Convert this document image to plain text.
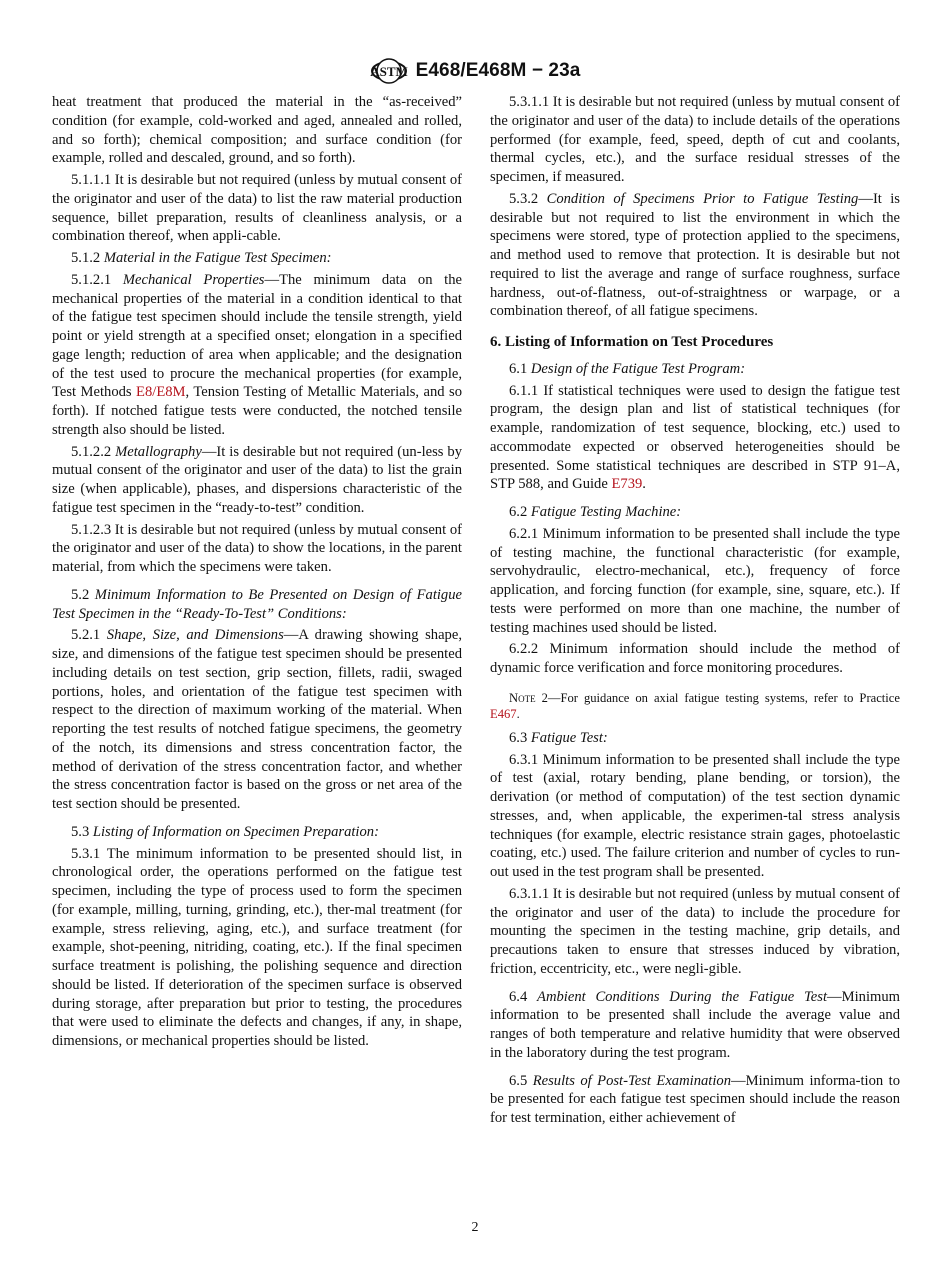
ASTM E468/E468M − 23a

heat treatment that produced the material in the “as-received” condition (for example, cold-worked and aged, annealed and rolled, and so forth); chemical composition; and surface condition (for example, rolled and descaled, ground, and so forth).

5.1.1.1 It is desirable but not required (unless by mutual consent of the originator and user of the data) to list the raw material production sequence, billet preparation, results of cleanliness analysis, or a combination thereof, when appli-cable.

5.1.2 Material in the Fatigue Test Specimen:

5.1.2.1 Mechanical Properties—The minimum data on the mechanical properties of the material in a condition identical to that of the fatigue test specimen should include the tensile strength, yield point or yield strength at a specified onset; elongation in a specified gage length; reduction of area when applicable; and the designation of the test used to procure the mechanical properties (for example, Test Methods E8/E8M, Tension Testing of Metallic Materials, and so forth). If notched fatigue tests were conducted, the notched tensile strength also should be listed.

5.1.2.2 Metallography—It is desirable but not required (un-less by mutual consent of the originator and user of the data) to list the grain size (when applicable), phases, and dispersions characteristic of the fatigue test specimen in the “ready-to-test” condition.

5.1.2.3 It is desirable but not required (unless by mutual consent of the originator and user of the data) to show the locations, in the parent material, from which the specimens were taken.

5.2 Minimum Information to Be Presented on Design of Fatigue Test Specimen in the “Ready-To-Test” Conditions:

5.2.1 Shape, Size, and Dimensions—A drawing showing shape, size, and dimensions of the fatigue test specimen should be presented including details on test section, grip section, fillets, radii, swaged portions, holes, and orientation of the fatigue test specimen with respect to the direction of maximum working of the material. When reporting the test results of notched fatigue specimens, the geometry of the notch, its dimensions and stress concentration factor, the method of derivation of the stress concentration factor, and whether the stress concentration factor is based on the gross or net area of the test section should be presented.

5.3 Listing of Information on Specimen Preparation:

5.3.1 The minimum information to be presented should list, in chronological order, the operations performed on the fatigue test specimen, including the type of process used to form the specimen (for example, milling, turning, grinding, etc.), ther-mal treatment (for example, stress relieving, aging, etc.), and surface treatment (for example, shot-peening, nitriding, coating, etc.). If the final specimen surface treatment is polishing, the polishing sequence and direction should be listed. If deterioration of the specimen surface is observed during storage, after preparation but prior to testing, the procedures that were used to eliminate the defects and changes, if any, in shape, dimensions, or mechanical properties should be listed.

5.3.1.1 It is desirable but not required (unless by mutual consent of the originator and user of the data) to include details of the operations performed (for example, feed, speed, depth of cut and coolants, thermal cycles, etc.), and the surface residual stresses of the specimen, if measured.

5.3.2 Condition of Specimens Prior to Fatigue Testing—It is desirable but not required to list the environment in which the specimens were stored, type of protection applied to the specimens, and method used to remove that protection. It is desirable but not required to list the average and range of surface roughness, surface hardness, out-of-flatness, out-of-straightness or warpage, or a combination thereof, of all fatigue specimens.

6. Listing of Information on Test Procedures

6.1 Design of the Fatigue Test Program:

6.1.1 If statistical techniques were used to design the fatigue test program, the design plan and list of statistical techniques (for example, randomization of test sequence, blocking, etc.) used to accommodate expected or observed heterogeneities should be presented. Some statistical techniques are described in STP 91–A, STP 588, and Guide E739.

6.2 Fatigue Testing Machine:

6.2.1 Minimum information to be presented shall include the type of testing machine, the functional characteristic (for example, servohydraulic, electro-mechanical, etc.), frequency of force application, and forcing function (for example, sine, square, etc.). If tests were performed on more than one machine, the number of testing machines used should be listed.

6.2.2 Minimum information should include the method of dynamic force verification and force monitoring procedures.

Note 2—For guidance on axial fatigue testing systems, refer to Practice E467.

6.3 Fatigue Test:

6.3.1 Minimum information to be presented shall include the type of test (axial, rotary bending, plane bending, or torsion), the derivation (or method of computation) of the test section dynamic stresses, and, when applicable, the experimen-tal stress analysis techniques (for example, electric resistance strain gages, photoelastic coating, etc.) used. The failure criterion and number of cycles to run-out used in the test program shall be presented.

6.3.1.1 It is desirable but not required (unless by mutual consent of the originator and user of the data) to include the procedure for mounting the specimen in the testing machine, grip details, and precautions taken to ensure that stresses induced by vibration, friction, eccentricity, etc., were negli-gible.

6.4 Ambient Conditions During the Fatigue Test—Minimum information to be presented shall include the average value and ranges of both temperature and relative humidity that were observed in the laboratory during the test program.

6.5 Results of Post-Test Examination—Minimum informa-tion to be presented for each fatigue test specimen should include the reason for test termination, either achievement of

2
